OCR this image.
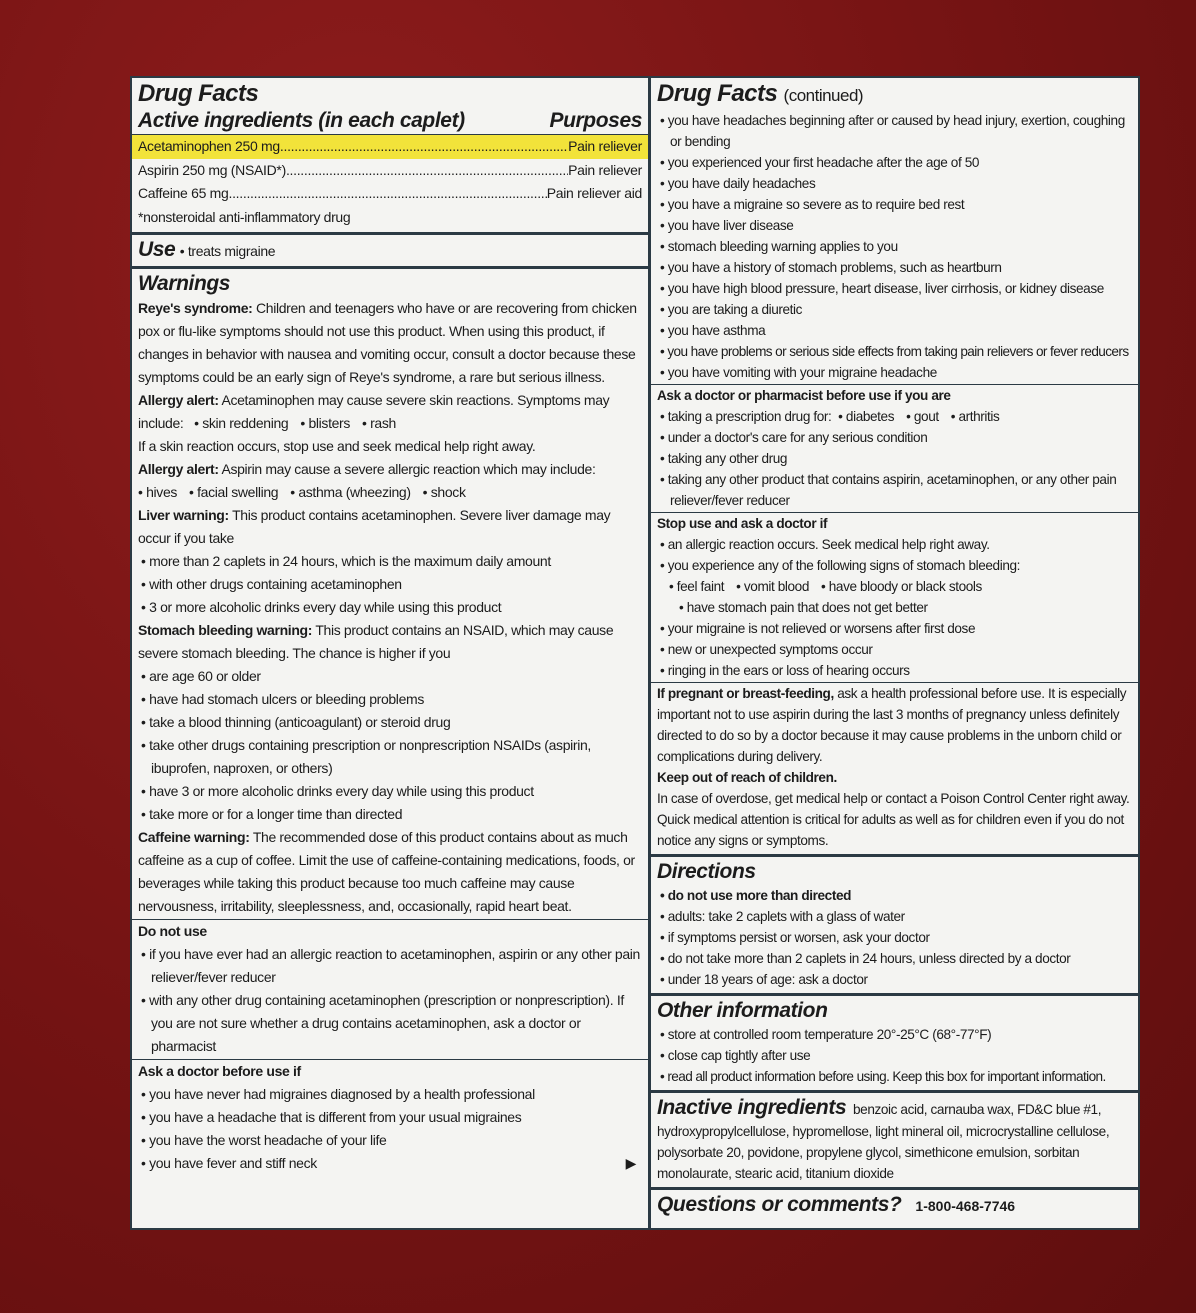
Drug Facts
Active ingredients (in each caplet)	Purposes
Acetaminophen 250 mg .....	Pain reliever
Aspirin 250 mg (NSAID*) .....	Pain reliever
Caffeine 65 mg .....	Pain reliever aid
*nonsteroidal anti-inflammatory drug
Use • treats migraine
Warnings
Reye's syndrome: Children and teenagers who have or are recovering from chicken pox or flu-like symptoms should not use this product. When using this product, if changes in behavior with nausea and vomiting occur, consult a doctor because these symptoms could be an early sign of Reye's syndrome, a rare but serious illness.
Allergy alert: Acetaminophen may cause severe skin reactions. Symptoms may include: • skin reddening • blisters • rash
If a skin reaction occurs, stop use and seek medical help right away.
Allergy alert: Aspirin may cause a severe allergic reaction which may include:
• hives • facial swelling • asthma (wheezing) • shock
Liver warning: This product contains acetaminophen. Severe liver damage may occur if you take
• more than 2 caplets in 24 hours, which is the maximum daily amount
• with other drugs containing acetaminophen
• 3 or more alcoholic drinks every day while using this product
Stomach bleeding warning: This product contains an NSAID, which may cause severe stomach bleeding. The chance is higher if you
• are age 60 or older
• have had stomach ulcers or bleeding problems
• take a blood thinning (anticoagulant) or steroid drug
• take other drugs containing prescription or nonprescription NSAIDs (aspirin, ibuprofen, naproxen, or others)
• have 3 or more alcoholic drinks every day while using this product
• take more or for a longer time than directed
Caffeine warning: The recommended dose of this product contains about as much caffeine as a cup of coffee. Limit the use of caffeine-containing medications, foods, or beverages while taking this product because too much caffeine may cause nervousness, irritability, sleeplessness, and, occasionally, rapid heart beat.
Do not use
• if you have ever had an allergic reaction to acetaminophen, aspirin or any other pain reliever/fever reducer
• with any other drug containing acetaminophen (prescription or nonprescription). If you are not sure whether a drug contains acetaminophen, ask a doctor or pharmacist
Ask a doctor before use if
• you have never had migraines diagnosed by a health professional
• you have a headache that is different from your usual migraines
• you have the worst headache of your life
• you have fever and stiff neck	▶
Drug Facts (continued)
• you have headaches beginning after or caused by head injury, exertion, coughing or bending
• you experienced your first headache after the age of 50
• you have daily headaches
• you have a migraine so severe as to require bed rest
• you have liver disease
• stomach bleeding warning applies to you
• you have a history of stomach problems, such as heartburn
• you have high blood pressure, heart disease, liver cirrhosis, or kidney disease
• you are taking a diuretic
• you have asthma
• you have problems or serious side effects from taking pain relievers or fever reducers
• you have vomiting with your migraine headache
Ask a doctor or pharmacist before use if you are
• taking a prescription drug for: • diabetes • gout • arthritis
• under a doctor's care for any serious condition
• taking any other drug
• taking any other product that contains aspirin, acetaminophen, or any other pain reliever/fever reducer
Stop use and ask a doctor if
• an allergic reaction occurs. Seek medical help right away.
• you experience any of the following signs of stomach bleeding:
• feel faint • vomit blood • have bloody or black stools
• have stomach pain that does not get better
• your migraine is not relieved or worsens after first dose
• new or unexpected symptoms occur
• ringing in the ears or loss of hearing occurs
If pregnant or breast-feeding, ask a health professional before use. It is especially important not to use aspirin during the last 3 months of pregnancy unless definitely directed to do so by a doctor because it may cause problems in the unborn child or complications during delivery.
Keep out of reach of children.
In case of overdose, get medical help or contact a Poison Control Center right away. Quick medical attention is critical for adults as well as for children even if you do not notice any signs or symptoms.
Directions
• do not use more than directed
• adults: take 2 caplets with a glass of water
• if symptoms persist or worsen, ask your doctor
• do not take more than 2 caplets in 24 hours, unless directed by a doctor
• under 18 years of age: ask a doctor
Other information
• store at controlled room temperature 20°-25°C (68°-77°F)
• close cap tightly after use
• read all product information before using. Keep this box for important information.
Inactive ingredients benzoic acid, carnauba wax, FD&C blue #1, hydroxypropylcellulose, hypromellose, light mineral oil, microcrystalline cellulose, polysorbate 20, povidone, propylene glycol, simethicone emulsion, sorbitan monolaurate, stearic acid, titanium dioxide
Questions or comments? 1-800-468-7746
